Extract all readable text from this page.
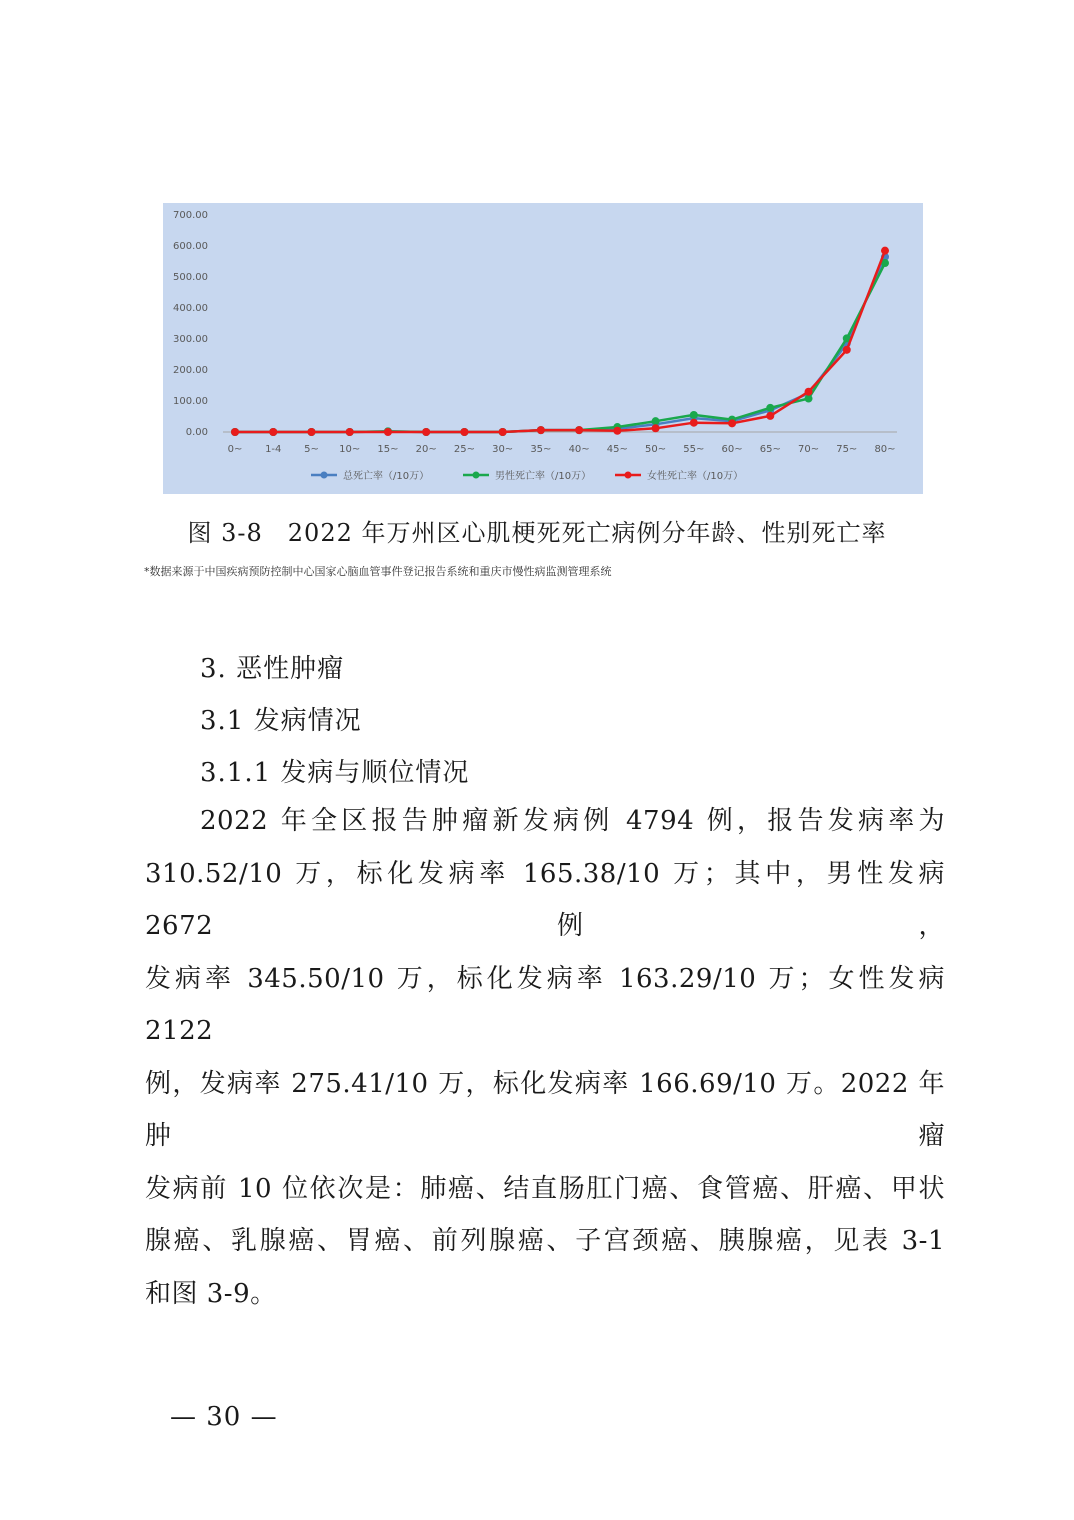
0.00
100.00
200.00
300.00
400.00
500.00
600.00
700.00
0~ 1-4 5~ 10~ 15~ 20~ 25~ 30~ 35~ 40~ 45~ 50~ 55~ 60~ 65~ 70~ 75~ 80~
总死亡率（/10万）	男性死亡率（/10万）	女性死亡率（/10万）
图 3-8　2022 年万州区心肌梗死死亡病例分年龄、性别死亡率
*数据来源于中国疾病预防控制中心国家心脑血管事件登记报告系统和重庆市慢性病监测管理系统
3. 恶性肿瘤
3.1 发病情况
3.1.1 发病与顺位情况

2022 年全区报告肿瘤新发病例 4794 例，报告发病率为

310.52/10 万，标化发病率 165.38/10 万；其中，男性发病 2672 例，

发病率 345.50/10 万，标化发病率 163.29/10 万；女性发病 2122

例，发病率 275.41/10 万，标化发病率 166.69/10 万。2022 年肿瘤

发病前 10 位依次是：肺癌、结直肠肛门癌、食管癌、肝癌、甲状

腺癌、乳腺癌、胃癌、前列腺癌、子宫颈癌、胰腺癌，见表 3-1

和图 3-9。

— 30 —
